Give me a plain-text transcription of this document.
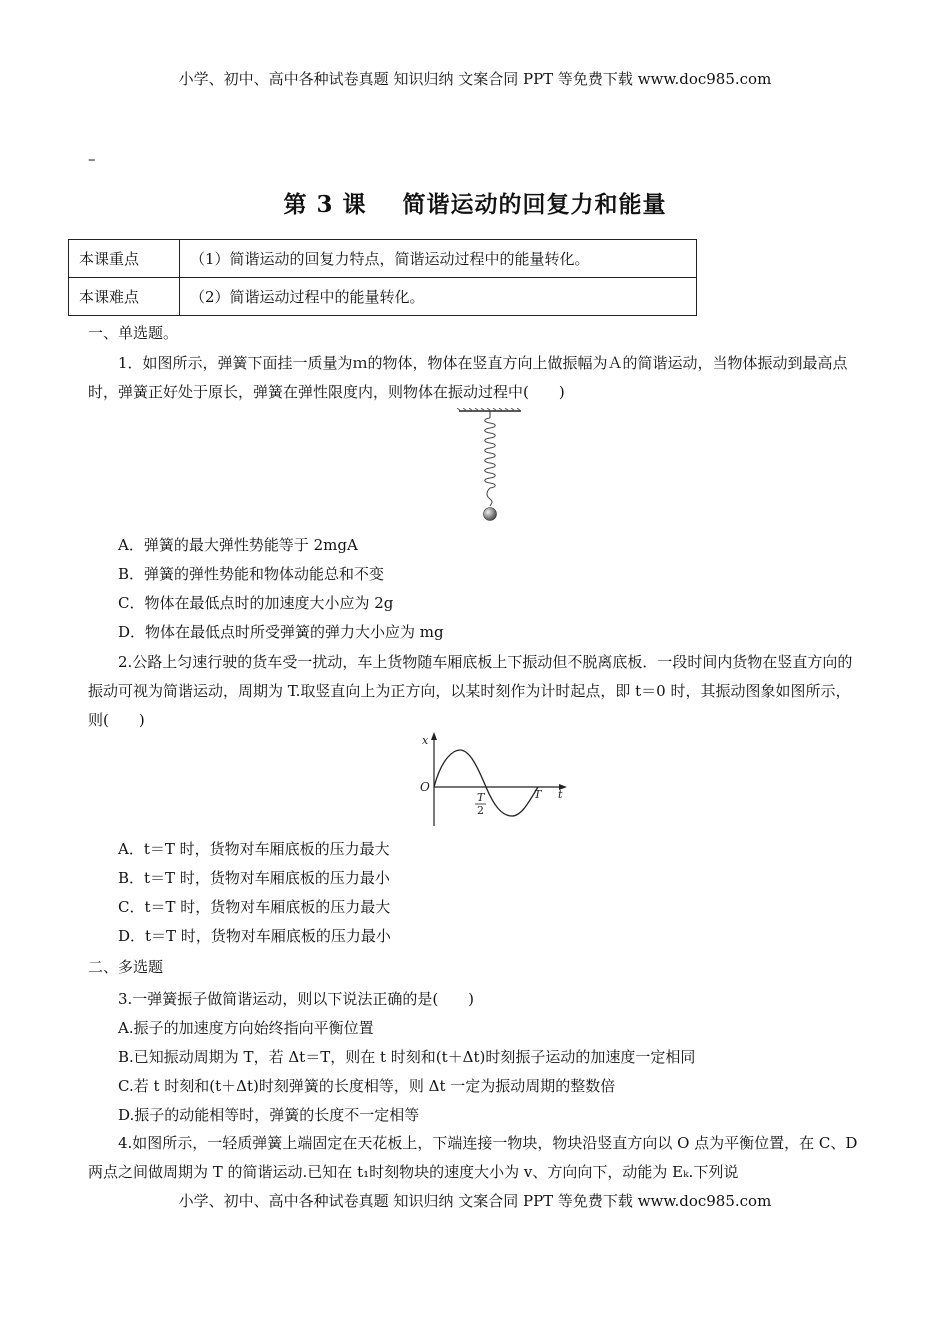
小学、初中、高中各种试卷真题 知识归纳 文案合同 PPT 等免费下载 www.doc985.com
–
第 3 课 简谐运动的回复力和能量
本课重点	（1）简谐运动的回复力特点，简谐运动过程中的能量转化。
本课难点	（2）简谐运动过程中的能量转化。
一、单选题。
1．如图所示，弹簧下面挂一质量为ｍ的物体，物体在竖直方向上做振幅为Ａ的简谐运动，当物体振动到最高点时，弹簧正好处于原长，弹簧在弹性限度内，则物体在振动过程中(　　)
A．弹簧的最大弹性势能等于 2mgA
B．弹簧的弹性势能和物体动能总和不变
C．物体在最低点时的加速度大小应为 2g
D．物体在最低点时所受弹簧的弹力大小应为 mg
2.公路上匀速行驶的货车受一扰动，车上货物随车厢底板上下振动但不脱离底板．一段时间内货物在竖直方向的振动可视为简谐运动，周期为 T.取竖直向上为正方向，以某时刻作为计时起点，即 t＝0 时，其振动图象如图所示，则(　　)
x
O
T
2
T t
A．t＝T 时，货物对车厢底板的压力最大
B．t＝T 时，货物对车厢底板的压力最小
C．t＝T 时，货物对车厢底板的压力最大
D．t＝T 时，货物对车厢底板的压力最小
二、多选题
3.一弹簧振子做简谐运动，则以下说法正确的是(　　)
A.振子的加速度方向始终指向平衡位置
B.已知振动周期为 T，若 Δt＝T，则在 t 时刻和(t＋Δt)时刻振子运动的加速度一定相同
C.若 t 时刻和(t＋Δt)时刻弹簧的长度相等，则 Δt 一定为振动周期的整数倍
D.振子的动能相等时，弹簧的长度不一定相等
4.如图所示，一轻质弹簧上端固定在天花板上，下端连接一物块，物块沿竖直方向以 O 点为平衡位置，在 C、D 两点之间做周期为 T 的简谐运动.已知在 t₁时刻物块的速度大小为 v、方向向下，动能为 Eₖ.下列说
小学、初中、高中各种试卷真题 知识归纳 文案合同 PPT 等免费下载 www.doc985.com
